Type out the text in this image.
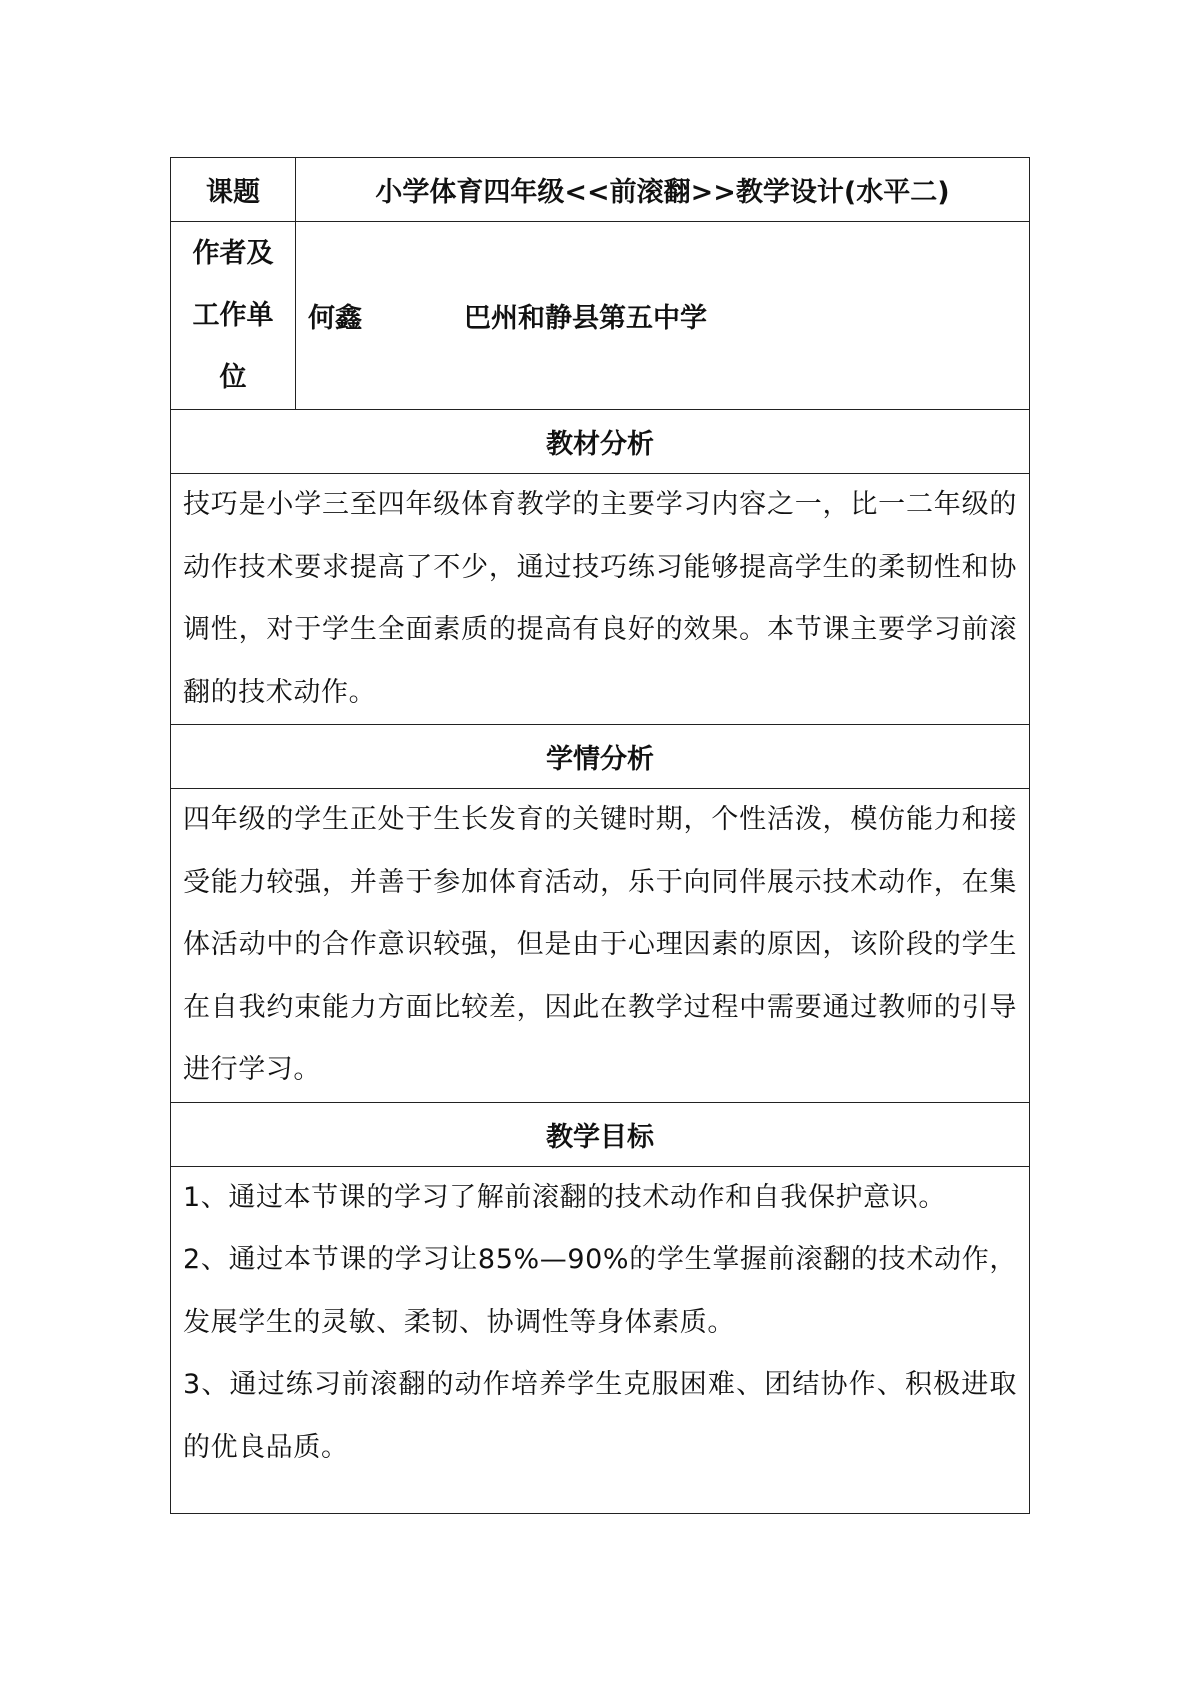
课题	小学体育四年级<<前滚翻>>教学设计(水平二)

作者及
工作单
位	何鑫 巴州和静县第五中学
教材分析	
技巧是小学三至四年级体育教学的主要学习内容之一，比一二年级的动作技术要求提高了不少，通过技巧练习能够提高学生的柔韧性和协调性，对于学生全面素质的提高有良好的效果。本节课主要学习前滚翻的技术动作。	
学情分析	
四年级的学生正处于生长发育的关键时期，个性活泼，模仿能力和接受能力较强，并善于参加体育活动，乐于向同伴展示技术动作，在集体活动中的合作意识较强，但是由于心理因素的原因，该阶段的学生在自我约束能力方面比较差，因此在教学过程中需要通过教师的引导进行学习。	
教学目标	

1、通过本节课的学习了解前滚翻的技术动作和自我保护意识。

2、通过本节课的学习让85%—90%的学生掌握前滚翻的技术动作，发展学生的灵敏、柔韧、协调性等身体素质。

3、通过练习前滚翻的动作培养学生克服困难、团结协作、积极进取的优良品质。	
